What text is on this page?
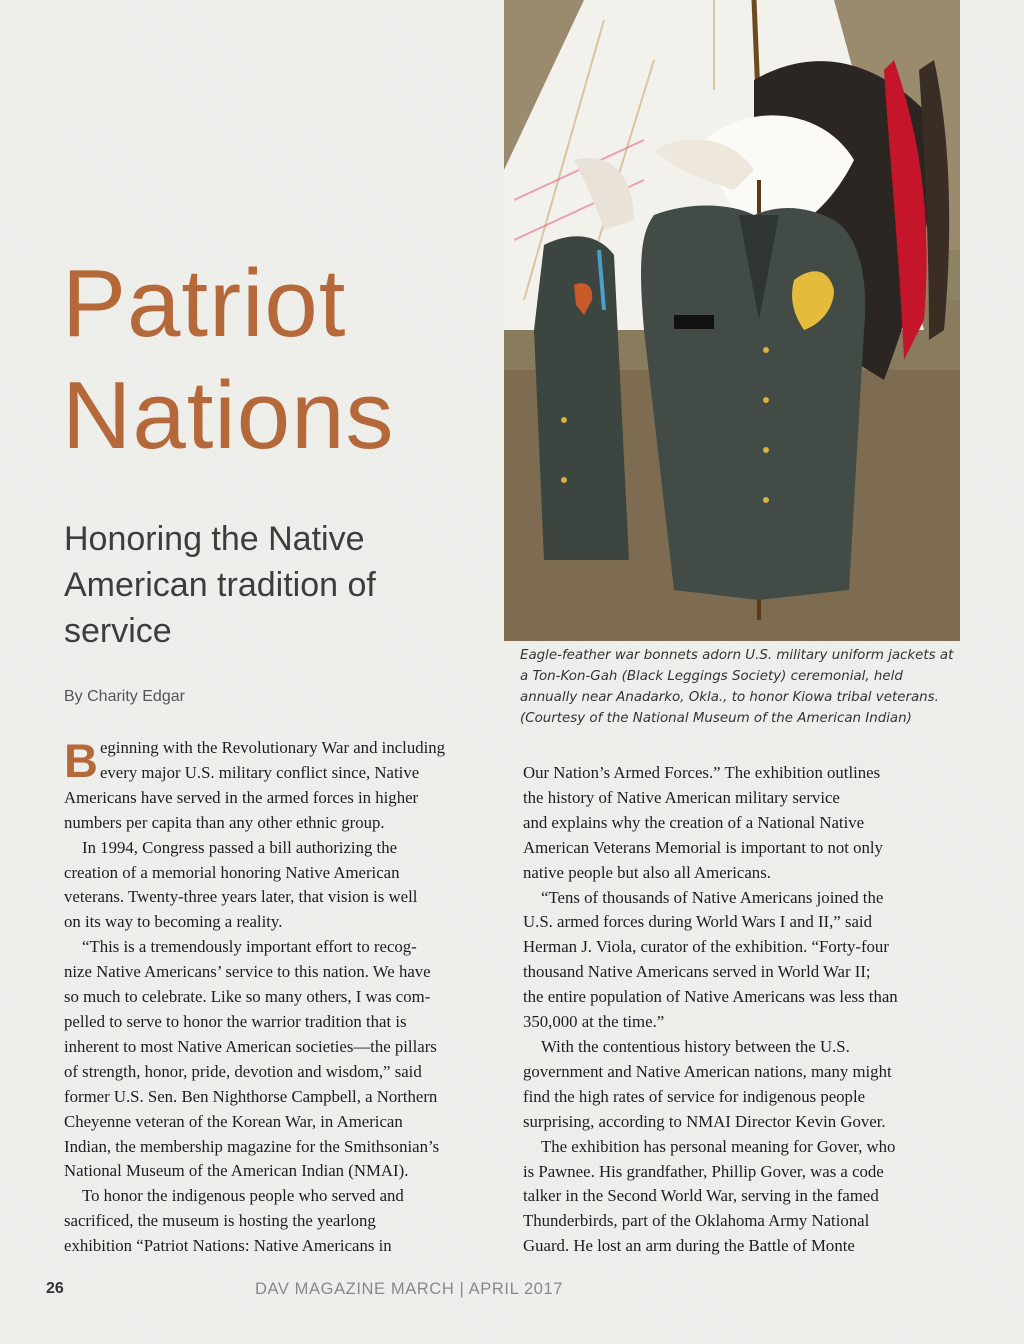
Patriot
Nations
Honoring the Native American tradition of service
By Charity Edgar
Eagle-feather war bonnets adorn U.S. military uniform jackets at a Ton-Kon-Gah (Black Leggings Society) ceremonial, held annually near Anadarko, Okla., to honor Kiowa tribal veterans. (Courtesy of the National Museum of the American Indian)

B eginning with the Revolutionary War and including
every major U.S. military conflict since, Native
Americans have served in the armed forces in higher
numbers per capita than any other ethnic group.

In 1994, Congress passed a bill authorizing the
creation of a memorial honoring Native American
veterans. Twenty-three years later, that vision is well
on its way to becoming a reality.

“This is a tremendously important effort to recog-
nize Native Americans’ service to this nation. We have
so much to celebrate. Like so many others, I was com-
pelled to serve to honor the warrior tradition that is
inherent to most Native American societies—the pillars
of strength, honor, pride, devotion and wisdom,” said
former U.S. Sen. Ben Nighthorse Campbell, a Northern
Cheyenne veteran of the Korean War, in American
Indian, the membership magazine for the Smithsonian’s
National Museum of the American Indian (NMAI).

To honor the indigenous people who served and
sacrificed, the museum is hosting the yearlong
exhibition “Patriot Nations: Native Americans in

Our Nation’s Armed Forces.” The exhibition outlines
the history of Native American military service
and explains why the creation of a National Native
American Veterans Memorial is important to not only
native people but also all Americans.

“Tens of thousands of Native Americans joined the
U.S. armed forces during World Wars I and II,” said
Herman J. Viola, curator of the exhibition. “Forty-four
thousand Native Americans served in World War II;
the entire population of Native Americans was less than
350,000 at the time.”

With the contentious history between the U.S.
government and Native American nations, many might
find the high rates of service for indigenous people
surprising, according to NMAI Director Kevin Gover.

The exhibition has personal meaning for Gover, who
is Pawnee. His grandfather, Phillip Gover, was a code
talker in the Second World War, serving in the famed
Thunderbirds, part of the Oklahoma Army National
Guard. He lost an arm during the Battle of Monte

26	DAV MAGAZINE MARCH | APRIL 2017
